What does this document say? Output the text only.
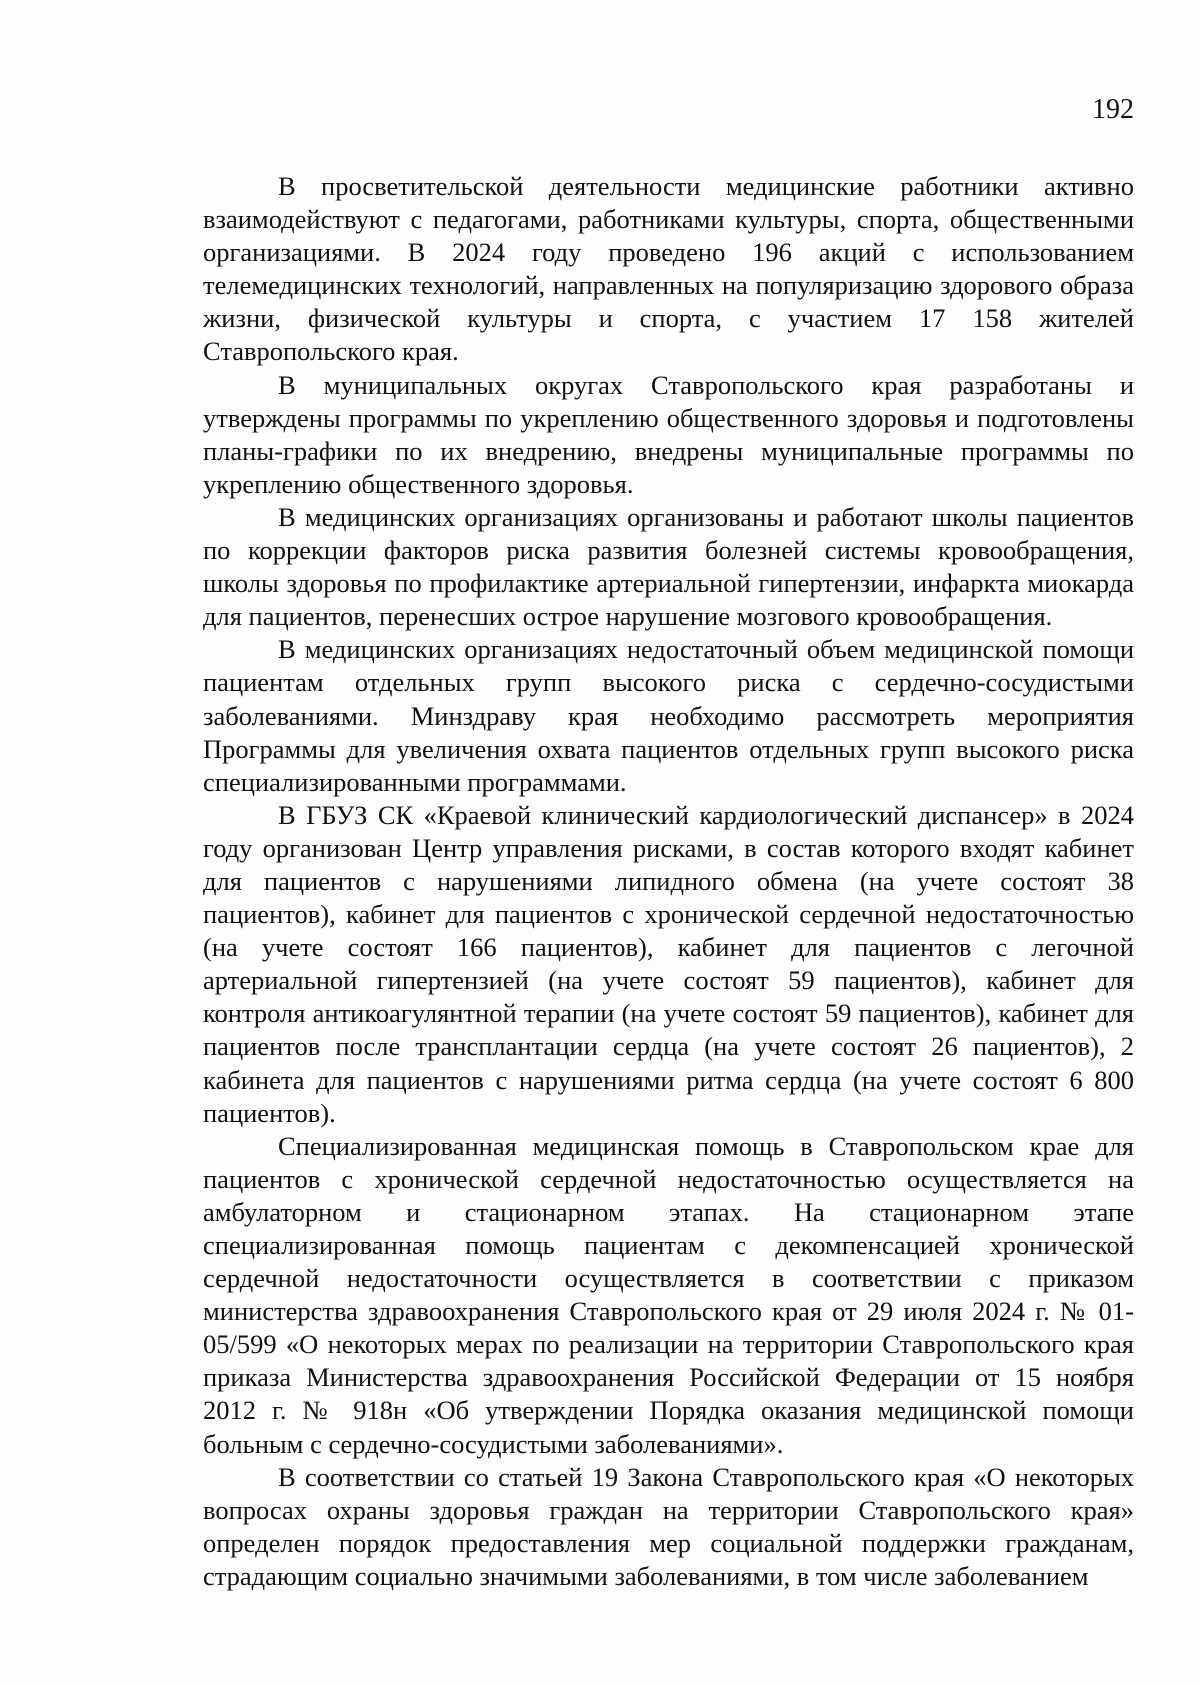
192

В просветительской деятельности медицинские работники активно взаимодействуют с педагогами, работниками культуры, спорта, общественными организациями. В 2024 году проведено 196 акций с использованием телемедицинских технологий, направленных на популяризацию здорового образа жизни, физической культуры и спорта, с участием 17 158 жителей Ставропольского края.

В муниципальных округах Ставропольского края разработаны и утверждены программы по укреплению общественного здоровья и подготовлены планы-графики по их внедрению, внедрены муниципальные программы по укреплению общественного здоровья.

В медицинских организациях организованы и работают школы пациентов по коррекции факторов риска развития болезней системы кровообращения, школы здоровья по профилактике артериальной гипертензии, инфаркта миокарда для пациентов, перенесших острое нарушение мозгового кровообращения.

В медицинских организациях недостаточный объем медицинской помощи пациентам отдельных групп высокого риска с сердечно-сосудистыми заболеваниями. Минздраву края необходимо рассмотреть мероприятия Программы для увеличения охвата пациентов отдельных групп высокого риска специализированными программами.

В ГБУЗ СК «Краевой клинический кардиологический диспансер» в 2024 году организован Центр управления рисками, в состав которого входят кабинет для пациентов с нарушениями липидного обмена (на учете состоят 38 пациентов), кабинет для пациентов с хронической сердечной недостаточностью (на учете состоят 166 пациентов), кабинет для пациентов с легочной артериальной гипертензией (на учете состоят 59 пациентов), кабинет для контроля антикоагулянтной терапии (на учете состоят 59 пациентов), кабинет для пациентов после трансплантации сердца (на учете состоят 26 пациентов), 2 кабинета для пациентов с нарушениями ритма сердца (на учете состоят 6 800 пациентов).

Специализированная медицинская помощь в Ставропольском крае для пациентов с хронической сердечной недостаточностью осуществляется на амбулаторном и стационарном этапах. На стационарном этапе специализированная помощь пациентам с декомпенсацией хронической сердечной недостаточности осуществляется в соответствии с приказом министерства здравоохранения Ставропольского края от 29 июля 2024 г. № 01-05/599 «О некоторых мерах по реализации на территории Ставропольского края приказа Министерства здравоохранения Российской Федерации от 15 ноября 2012 г. № 918н «Об утверждении Порядка оказания медицинской помощи больным с сердечно-сосудистыми заболеваниями».

В соответствии со статьей 19 Закона Ставропольского края «О некоторых вопросах охраны здоровья граждан на территории Ставропольского края» определен порядок предоставления мер социальной поддержки гражданам, страдающим социально значимыми заболеваниями, в том числе заболеванием
